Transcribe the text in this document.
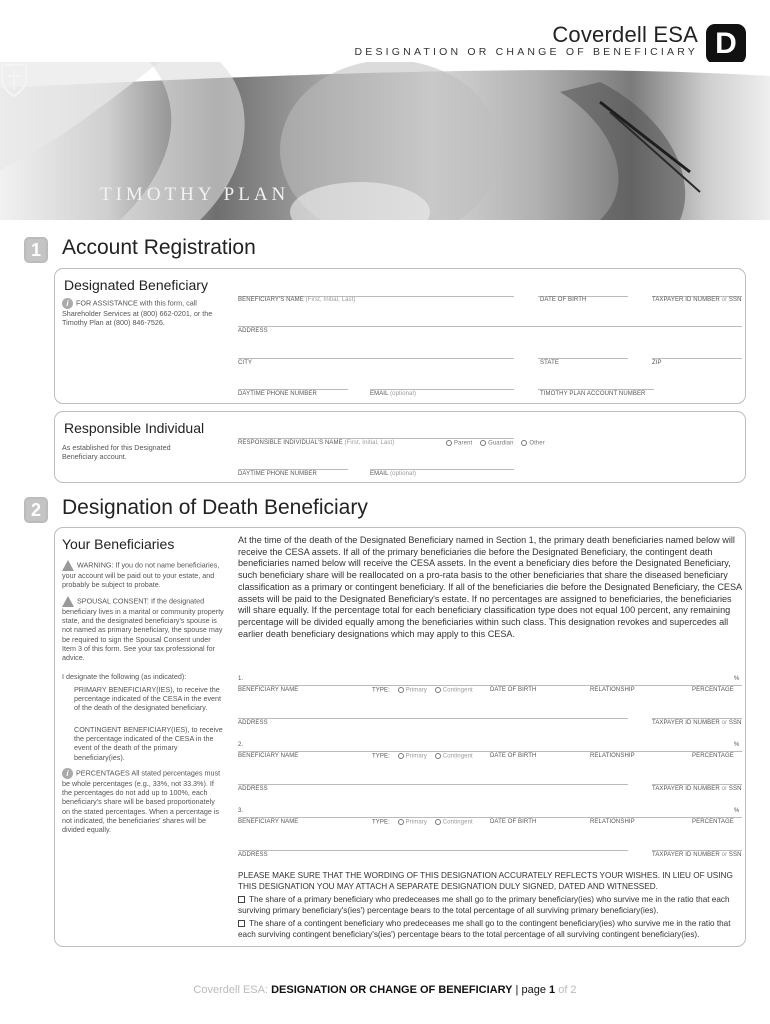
Coverdell ESA
DESIGNATION OR CHANGE OF BENEFICIARY D
TIMOTHY PLAN
1	Account Registration
Designated Beneficiary
i FOR ASSISTANCE with this form, call Shareholder Services at (800) 662-0201, or the Timothy Plan at (800) 846-7526.
BENEFICIARY'S NAME (First, Initial, Last)	DATE OF BIRTH	TAXPAYER ID NUMBER or SSN
ADDRESS
CITY	STATE	ZIP
DAYTIME PHONE NUMBER	EMAIL (optional)	TIMOTHY PLAN ACCOUNT NUMBER
Responsible Individual
As established for this Designated Beneficiary account.
RESPONSIBLE INDIVIDUAL'S NAME (First, Initial, Last)	Parent	Guardian	Other
DAYTIME PHONE NUMBER	EMAIL (optional)
2	Designation of Death Beneficiary
Your Beneficiaries	At the time of the death of the Designated Beneficiary named in Section 1, the primary death beneficiaries named below will receive the CESA assets. If all of the primary beneficiaries die before the Designated Beneficiary, the contingent death beneficiaries named below will receive the CESA assets. In the event a beneficiary dies before the Designated Beneficiary, such beneficiary share will be reallocated on a pro-rata basis to the other beneficiaries that share the diseased beneficiary classification as a primary or contingent beneficiary. If all of the beneficiaries die before the Designated Beneficiary, the CESA assets will be paid to the Designated Beneficiary's estate. If no percentages are assigned to beneficiaries, the beneficiaries will share equally. If the percentage total for each beneficiary classification type does not equal 100 percent, any remaining percentage will be divided equally among the beneficiaries within such class. This designation revokes and supercedes all earlier death beneficiary designations which may apply to this CESA.
WARNING: If you do not name beneficiaries, your account will be paid out to your estate, and probably be subject to probate.
SPOUSAL CONSENT: If the designated beneficiary lives in a marital or community property state, and the designated beneficiary's spouse is not named as primary beneficiary, the spouse may be required to sign the Spousal Consent under Item 3 of this form. See your tax professional for advice.
I designate the following (as indicated):
PRIMARY BENEFICIARY(IES), to receive the percentage indicated of the CESA in the event of the death of the designated beneficiary.
CONTINGENT BENEFICIARY(IES), to receive the percentage indicated of the CESA in the event of the death of the primary beneficiary(ies).
i PERCENTAGES All stated percentages must be whole percentages (e.g., 33%, not 33.3%). If the percentages do not add up to 100%, each beneficiary's share will be based proportionately on the stated percentages. When a percentage is not indicated, the beneficiaries' shares will be divided equally.
1.	%
BENEFICIARY NAME	TYPE:	Primary	Contingent	DATE OF BIRTH	RELATIONSHIP	PERCENTAGE
ADDRESS	TAXPAYER ID NUMBER or SSN
2.	%
BENEFICIARY NAME	TYPE:	Primary	Contingent	DATE OF BIRTH	RELATIONSHIP	PERCENTAGE
ADDRESS	TAXPAYER ID NUMBER or SSN
3.	%
BENEFICIARY NAME	TYPE:	Primary	Contingent	DATE OF BIRTH	RELATIONSHIP	PERCENTAGE
ADDRESS	TAXPAYER ID NUMBER or SSN
PLEASE MAKE SURE THAT THE WORDING OF THIS DESIGNATION ACCURATELY REFLECTS YOUR WISHES. IN LIEU OF USING THIS DESIGNATION YOU MAY ATTACH A SEPARATE DESIGNATION DULY SIGNED, DATED AND WITNESSED.
The share of a primary beneficiary who predeceases me shall go to the primary beneficiary(ies) who survive me in the ratio that each surviving primary beneficiary's(ies') percentage bears to the total percentage of all surviving primary beneficiary(ies).
The share of a contingent beneficiary who predeceases me shall go to the contingent beneficiary(ies) who survive me in the ratio that each surviving contingent beneficiary's(ies') percentage bears to the total percentage of all surviving contingent beneficiary(ies).
Coverdell ESA: DESIGNATION OR CHANGE OF BENEFICIARY | page 1 of 2
